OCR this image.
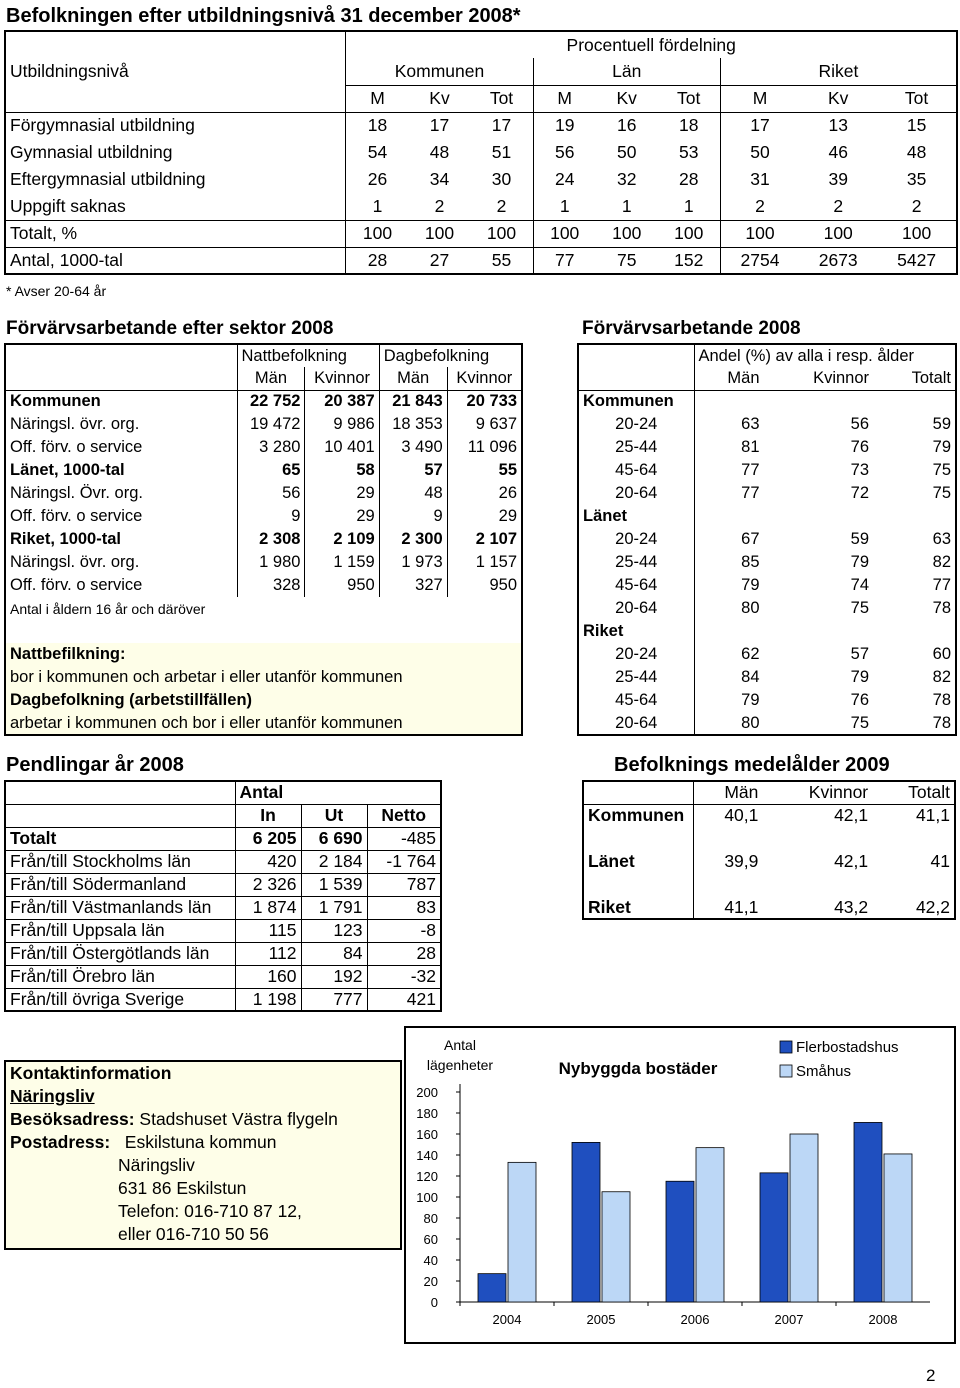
Befolkningen efter utbildningsnivå 31 december 2008*
	Procentuell fördelning								
Utbildningsnivå	Kommunen			Län			Riket		
	M	Kv	Tot	M	Kv	Tot	M	Kv	Tot
Förgymnasial utbildning	18	17	17	19	16	18	17	13	15
Gymnasial utbildning	54	48	51	56	50	53	50	46	48
Eftergymnasial utbildning	26	34	30	24	32	28	31	39	35
Uppgift saknas	1	2	2	1	1	1	2	2	2
Totalt, %	100	100	100	100	100	100	100	100	100
Antal, 1000-tal	28	27	55	77	75	152	2754	2673	5427
* Avser 20-64 år
Förvärvsarbetande efter sektor 2008
	Nattbefolkning		Dagbefolkning	
	Män	Kvinnor	Män	Kvinnor
Kommunen	22 752	20 387	21 843	20 733
Näringsl. övr. org.	19 472	9 986	18 353	9 637
Off. förv. o service	3 280	10 401	3 490	11 096
Länet, 1000-tal	65	58	57	55
Näringsl. Övr. org.	56	29	48	26
Off. förv. o service	9	29	9	29
Riket, 1000-tal	2 308	2 109	2 300	2 107
Näringsl. övr. org.	1 980	1 159	1 973	1 157
Off. förv. o service	328	950	327	950
Antal i åldern 16 år och däröver				

Nattbefilkning:				
bor i kommunen och arbetar i eller utanför kommunen				
Dagbefolkning (arbetstillfällen)				
arbetar i kommunen och bor i eller utanför kommunen				
Förvärvsarbetande 2008
	Andel (%) av alla i resp. ålder		
	Män	Kvinnor	Totalt
Kommunen			
20-24	63	56	59
25-44	81	76	79
45-64	77	73	75
20-64	77	72	75
Länet			
20-24	67	59	63
25-44	85	79	82
45-64	79	74	77
20-64	80	75	78
Riket			
20-24	62	57	60
25-44	84	79	82
45-64	79	76	78
20-64	80	75	78
Pendlingar år 2008
	Antal		
	In	Ut	Netto
Totalt	6 205	6 690	-485
Från/till Stockholms län	420	2 184	-1 764
Från/till Södermanland	2 326	1 539	787
Från/till Västmanlands län	1 874	1 791	83
Från/till Uppsala län	115	123	-8
Från/till Östergötlands län	112	84	28
Från/till Örebro län	160	192	-32
Från/till övriga Sverige	1 198	777	421
Befolknings medelålder 2009
	Män	Kvinnor	Totalt
Kommunen	40,1	42,1	41,1

Länet	39,9	42,1	41

Riket	41,1	43,2	42,2
Kontaktinformation
Näringsliv
Besöksadress: Stadshuset Västra flygeln
Postadress: Eskilstuna kommun
Näringsliv
631 86 Eskilstun
Telefon: 016-710 87 12,
eller 016-710 50 56
Antal
lägenheter	Nybyggda bostäder
Flerbostadshus
Småhus
0
20
40
60
80
100
120
140
160
180
200
2004	2005	2006	2007	2008
2
